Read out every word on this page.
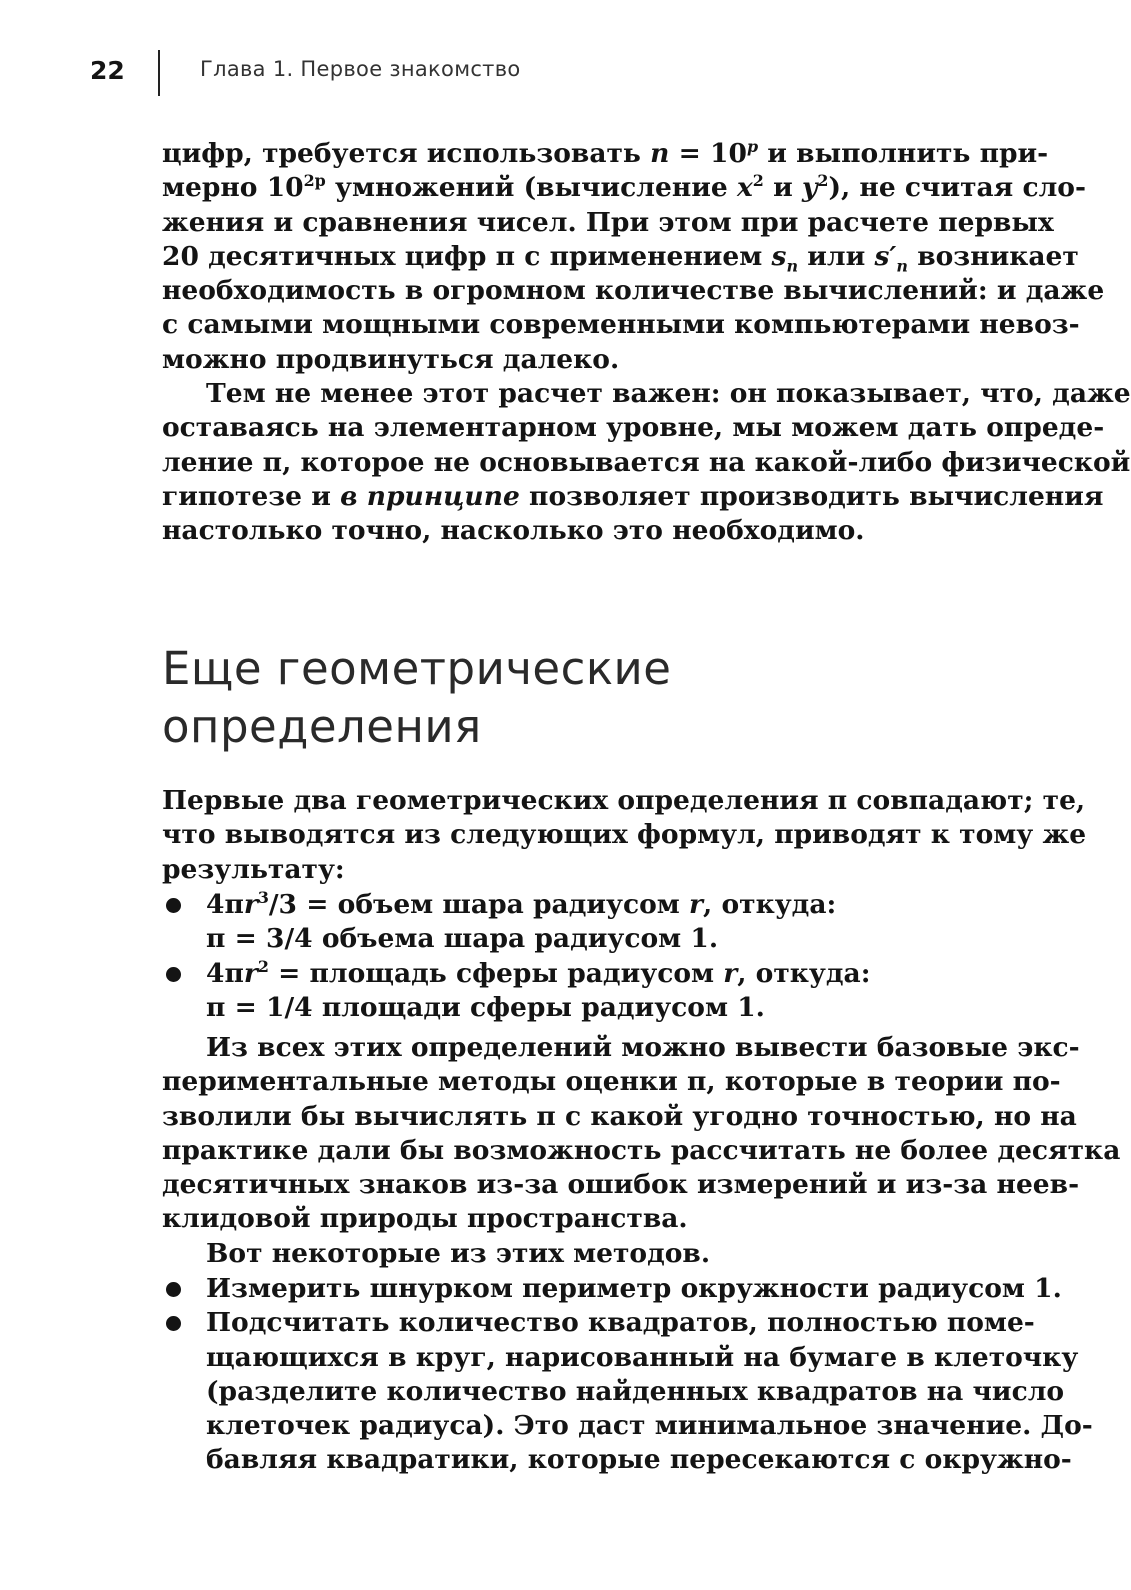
22	Глава 1. Первое знакомство
цифр, требуется использовать $n = 10^p$ и выполнить при-
мерно $10^{2p}$ умножений (вычисление $x^2$ и $y^2$), не считая сло-
жения и сравнения чисел. При этом при расчете первых
20 десятичных цифр π с применением $s_n$ или $s'_n$ возникает
необходимость в огромном количестве вычислений: и даже
с самыми мощными современными компьютерами невоз-
можно продвинуться далеко.
Тем не менее этот расчет важен: он показывает, что, даже
оставаясь на элементарном уровне, мы можем дать опреде-
ление π, которое не основывается на какой-либо физической
гипотезе и в принципе позволяет производить вычисления
настолько точно, насколько это необходимо.
Еще геометрические
определения
Первые два геометрических определения π совпадают; те,
что выводятся из следующих формул, приводят к тому же
результату:
$4\pi r^3/3$ = объем шара радиусом r, откуда:
π = 3/4 объема шара радиусом 1.
$4\pi r^2$ = площадь сферы радиусом r, откуда:
π = 1/4 площади сферы радиусом 1.
Из всех этих определений можно вывести базовые экс-
периментальные методы оценки π, которые в теории по-
зволили бы вычислять π с какой угодно точностью, но на
практике дали бы возможность рассчитать не более десятка
десятичных знаков из-за ошибок измерений и из-за неев-
клидовой природы пространства.
Вот некоторые из этих методов.
Измерить шнурком периметр окружности радиусом 1.
Подсчитать количество квадратов, полностью поме-
щающихся в круг, нарисованный на бумаге в клеточку
(разделите количество найденных квадратов на число
клеточек радиуса). Это даст минимальное значение. До-
бавляя квадратики, которые пересекаются с окружно-
